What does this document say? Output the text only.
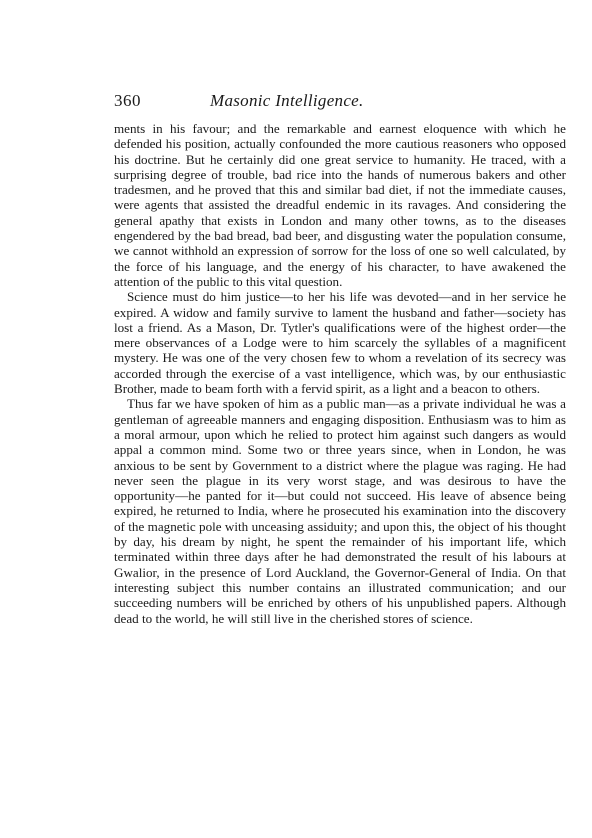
360	Masonic Intelligence.

ments in his favour; and the remarkable and earnest eloquence with which he defended his position, actually confounded the more cautious reasoners who opposed his doctrine. But he certainly did one great service to humanity. He traced, with a surprising degree of trouble, bad rice into the hands of numerous bakers and other tradesmen, and he proved that this and similar bad diet, if not the immediate causes, were agents that assisted the dreadful endemic in its ravages. And considering the general apathy that exists in London and many other towns, as to the diseases engendered by the bad bread, bad beer, and disgusting water the population consume, we cannot withhold an expression of sorrow for the loss of one so well calculated, by the force of his language, and the energy of his character, to have awakened the attention of the public to this vital question.

Science must do him justice—to her his life was devoted—and in her service he expired. A widow and family survive to lament the husband and father—society has lost a friend. As a Mason, Dr. Tytler's qualifications were of the highest order—the mere observances of a Lodge were to him scarcely the syllables of a magnificent mystery. He was one of the very chosen few to whom a revelation of its secrecy was accorded through the exercise of a vast intelligence, which was, by our enthusiastic Brother, made to beam forth with a fervid spirit, as a light and a beacon to others.

Thus far we have spoken of him as a public man—as a private individual he was a gentleman of agreeable manners and engaging disposition. Enthusiasm was to him as a moral armour, upon which he relied to protect him against such dangers as would appal a common mind. Some two or three years since, when in London, he was anxious to be sent by Government to a district where the plague was raging. He had never seen the plague in its very worst stage, and was desirous to have the opportunity—he panted for it—but could not succeed. His leave of absence being expired, he returned to India, where he prosecuted his examination into the discovery of the magnetic pole with unceasing assiduity; and upon this, the object of his thought by day, his dream by night, he spent the remainder of his important life, which terminated within three days after he had demonstrated the result of his labours at Gwalior, in the presence of Lord Auckland, the Governor-General of India. On that interesting subject this number contains an illustrated communication; and our succeeding numbers will be enriched by others of his unpublished papers. Although dead to the world, he will still live in the cherished stores of science.
